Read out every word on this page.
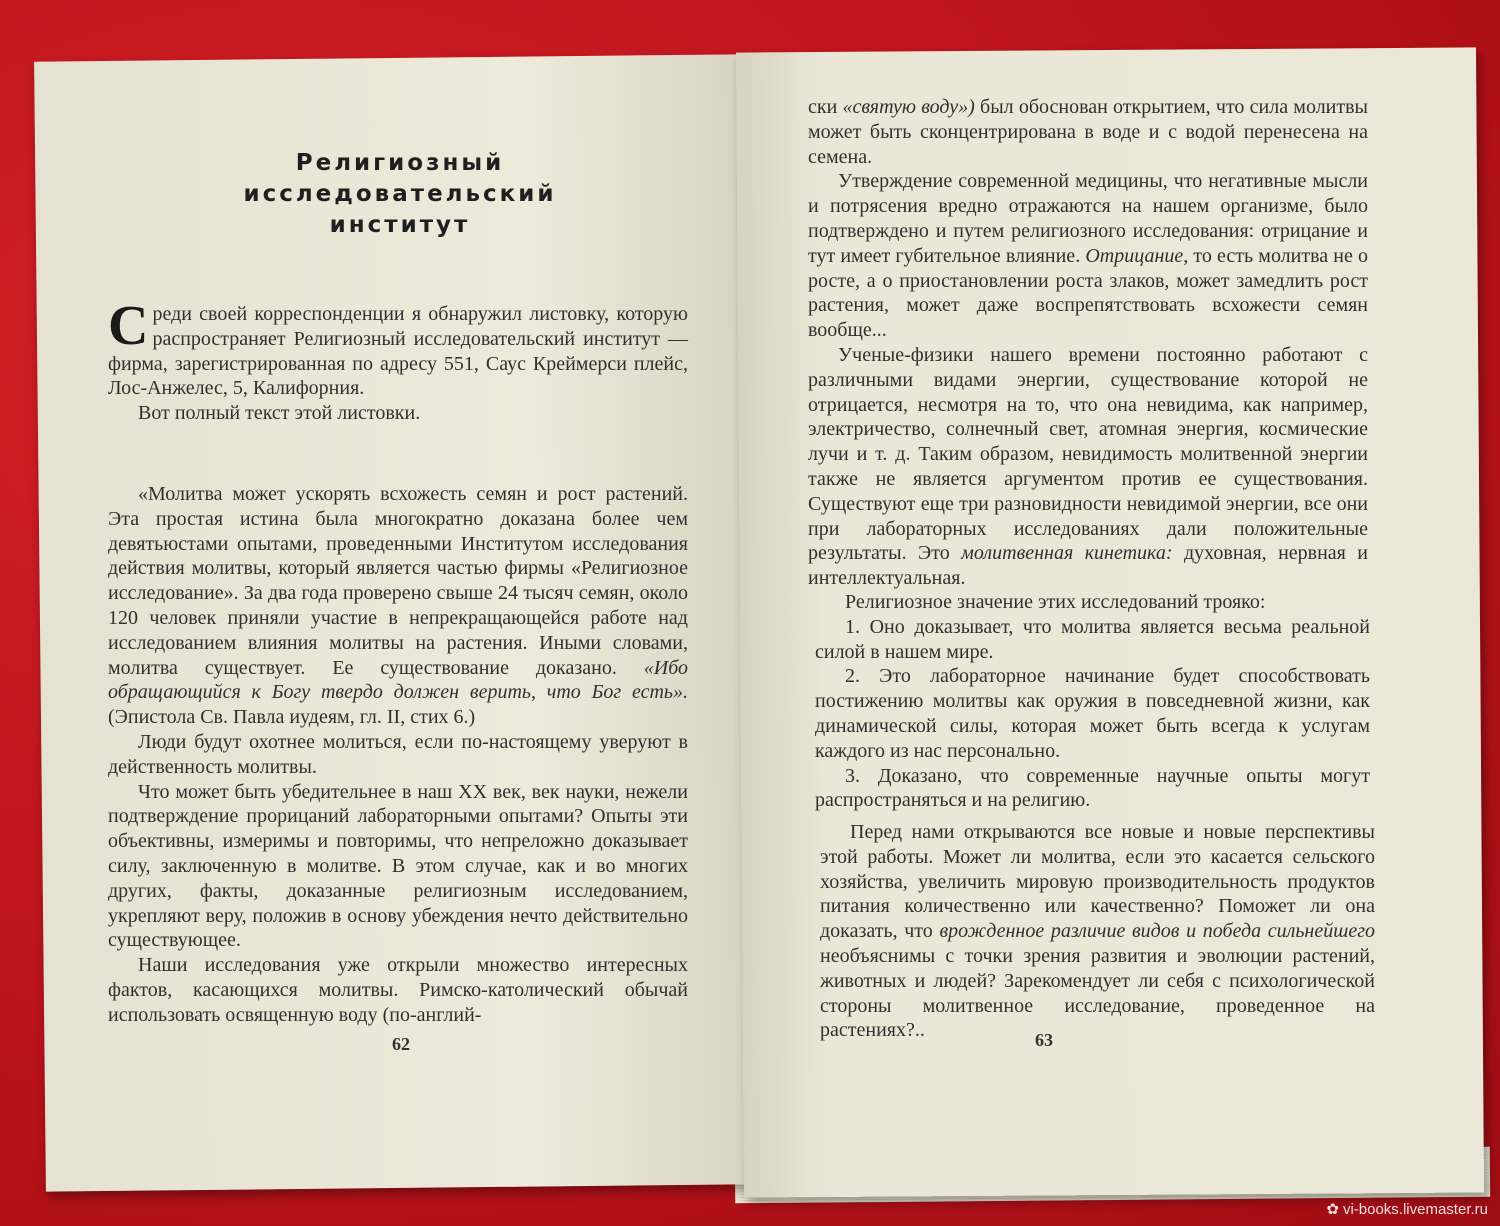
Религиозный исследовательский
институт

Среди своей корреспонденции я обнаружил листовку, которую распространяет Религиозный исследовательский институт — фирма, зарегистрированная по адресу 551, Саус Креймерси плейс, Лос-Анжелес, 5, Калифорния.

Вот полный текст этой листовки.

«Молитва может ускорять всхожесть семян и рост растений. Эта простая истина была многократно доказана более чем девятьюстами опытами, проведенными Институтом исследования действия молитвы, который является частью фирмы «Религиозное исследование». За два года проверено свыше 24 тысяч семян, около 120 человек приняли участие в непрекращающейся работе над исследованием влияния молитвы на растения. Иными словами, молитва существует. Ее существование доказано. «Ибо обращающийся к Богу твердо должен верить, что Бог есть». (Эпистола Св. Павла иудеям, гл. II, стих 6.)

Люди будут охотнее молиться, если по-настоящему уверуют в действенность молитвы.

Что может быть убедительнее в наш XX век, век науки, нежели подтверждение прорицаний лабораторными опытами? Опыты эти объективны, измеримы и повторимы, что непреложно доказывает силу, заключенную в молитве. В этом случае, как и во многих других, факты, доказанные религиозным исследованием, укрепляют веру, положив в основу убеждения нечто действительно существующее.

Наши исследования уже открыли множество интересных фактов, касающихся молитвы. Римско-католический обычай использовать освященную воду (по-англий-

62

ски «святую воду») был обоснован открытием, что сила молитвы может быть сконцентрирована в воде и с водой перенесена на семена.

Утверждение современной медицины, что негативные мысли и потрясения вредно отражаются на нашем организме, было подтверждено и путем религиозного исследования: отрицание и тут имеет губительное влияние. Отрицание, то есть молитва не о росте, а о приостановлении роста злаков, может замедлить рост растения, может даже воспрепятствовать всхожести семян вообще...

Ученые-физики нашего времени постоянно работают с различными видами энергии, существование которой не отрицается, несмотря на то, что она невидима, как например, электричество, солнечный свет, атомная энергия, космические лучи и т. д. Таким образом, невидимость молитвенной энергии также не является аргументом против ее существования. Существуют еще три разновидности невидимой энергии, все они при лабораторных исследованиях дали положительные результаты. Это молитвенная кинетика: духовная, нервная и интеллектуальная.

Религиозное значение этих исследований трояко:

1. Оно доказывает, что молитва является весьма реальной силой в нашем мире.

2. Это лабораторное начинание будет способствовать постижению молитвы как оружия в повседневной жизни, как динамической силы, которая может быть всегда к услугам каждого из нас персонально.

3. Доказано, что современные научные опыты могут распространяться и на религию.

Перед нами открываются все новые и новые перспективы этой работы. Может ли молитва, если это касается сельского хозяйства, увеличить мировую производительность продуктов питания количественно или качественно? Поможет ли она доказать, что врожденное различие видов и победа сильнейшего необъяснимы с точки зрения развития и эволюции растений, животных и людей? Зарекомендует ли себя с психологической стороны молитвенное исследование, проведенное на растениях?..	63
✿ vi-books.livemaster.ru
